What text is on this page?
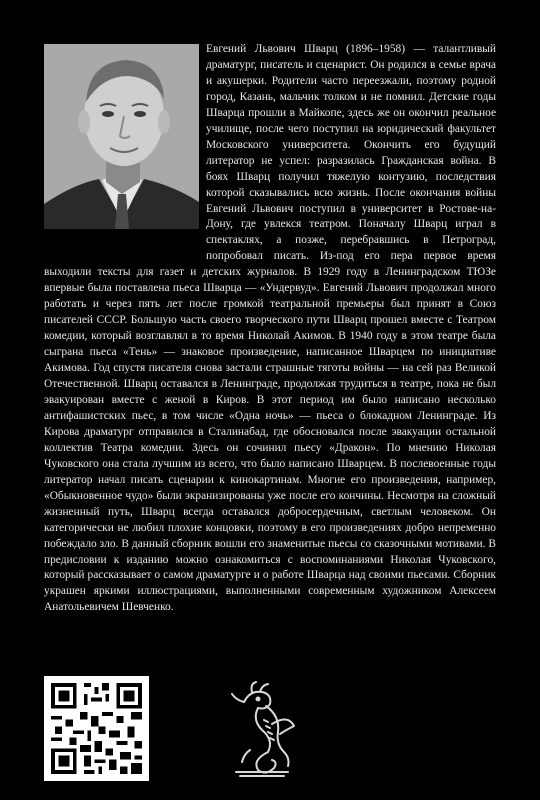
Евгений Львович Шварц (1896–1958) — талантливый драматург, писатель и сценарист. Он родился в семье врача и акушерки. Родители часто переезжали, поэтому родной город, Казань, мальчик толком и не помнил. Детские годы Шварца прошли в Майкопе, здесь же он окончил реальное училище, после чего поступил на юридический факультет Московского университета. Окончить его будущий литератор не успел: разразилась Гражданская война. В боях Шварц получил тяжелую контузию, последствия которой сказывались всю жизнь. После окончания войны Евгений Львович поступил в университет в Ростове-на-Дону, где увлекся театром. Поначалу Шварц играл в спектаклях, а позже, перебравшись в Петроград, попробовал писать. Из-под его пера первое время выходили тексты для газет и детских журналов. В 1929 году в Ленинградском ТЮЗе впервые была поставлена пьеса Шварца — «Ундервуд». Евгений Львович продолжал много работать и через пять лет после громкой театральной премьеры был принят в Союз писателей СССР. Большую часть своего творческого пути Шварц прошел вместе с Театром комедии, который возглавлял в то время Николай Акимов. В 1940 году в этом театре была сыграна пьеса «Тень» — знаковое произведение, написанное Шварцем по инициативе Акимова. Год спустя писателя снова застали страшные тяготы войны — на сей раз Великой Отечественной. Шварц оставался в Ленинграде, продолжая трудиться в театре, пока не был эвакуирован вместе с женой в Киров. В этот период им было написано несколько антифашистских пьес, в том числе «Одна ночь» — пьеса о блокадном Ленинграде. Из Кирова драматург отправился в Сталинабад, где обосновался после эвакуации остальной коллектив Театра комедии. Здесь он сочинил пьесу «Дракон». По мнению Николая Чуковского она стала лучшим из всего, что было написано Шварцем. В послевоенные годы литератор начал писать сценарии к кинокартинам. Многие его произведения, например, «Обыкновенное чудо» были экранизированы уже после его кончины. Несмотря на сложный жизненный путь, Шварц всегда оставался добросердечным, светлым человеком. Он категорически не любил плохие концовки, поэтому в его произведениях добро непременно побеждало зло. В данный сборник вошли его знаменитые пьесы со сказочными мотивами. В предисловии к изданию можно ознакомиться с воспоминаниями Николая Чуковского, который рассказывает о самом драматурге и о работе Шварца над своими пьесами. Сборник украшен яркими иллюстрациями, выполненными современным художником Алексеем Анатольевичем Шевченко.
